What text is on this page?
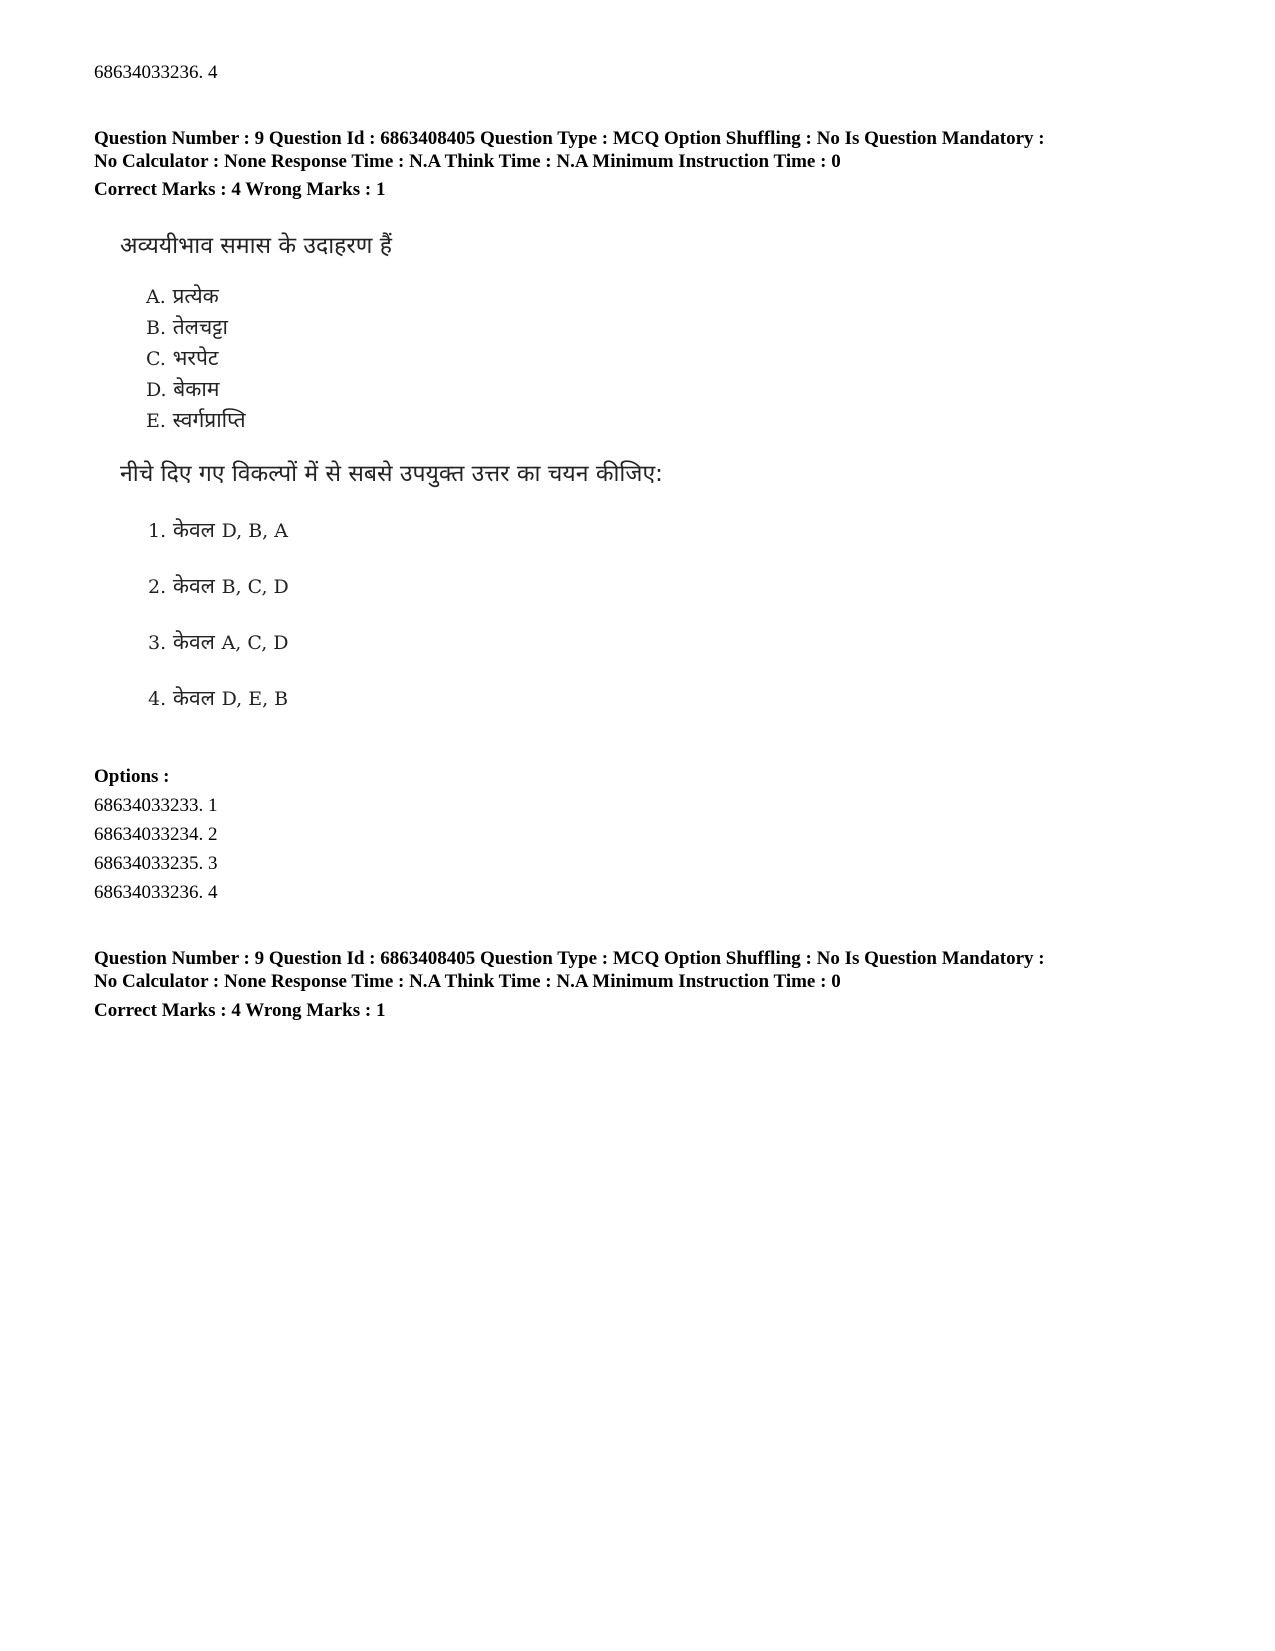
68634033236. 4
Question Number : 9 Question Id : 6863408405 Question Type : MCQ Option Shuffling : No Is Question Mandatory :
No Calculator : None Response Time : N.A Think Time : N.A Minimum Instruction Time : 0
Correct Marks : 4 Wrong Marks : 1
अव्ययीभाव समास के उदाहरण हैं
A. प्रत्येक
B. तेलचट्टा
C. भरपेट
D. बेकाम
E. स्वर्गप्राप्ति
नीचे दिए गए विकल्पों में से सबसे उपयुक्त उत्तर का चयन कीजिए:
1. केवल D, B, A
2. केवल B, C, D
3. केवल A, C, D
4. केवल D, E, B
Options :
68634033233. 1
68634033234. 2
68634033235. 3
68634033236. 4
Question Number : 9 Question Id : 6863408405 Question Type : MCQ Option Shuffling : No Is Question Mandatory :
No Calculator : None Response Time : N.A Think Time : N.A Minimum Instruction Time : 0
Correct Marks : 4 Wrong Marks : 1
